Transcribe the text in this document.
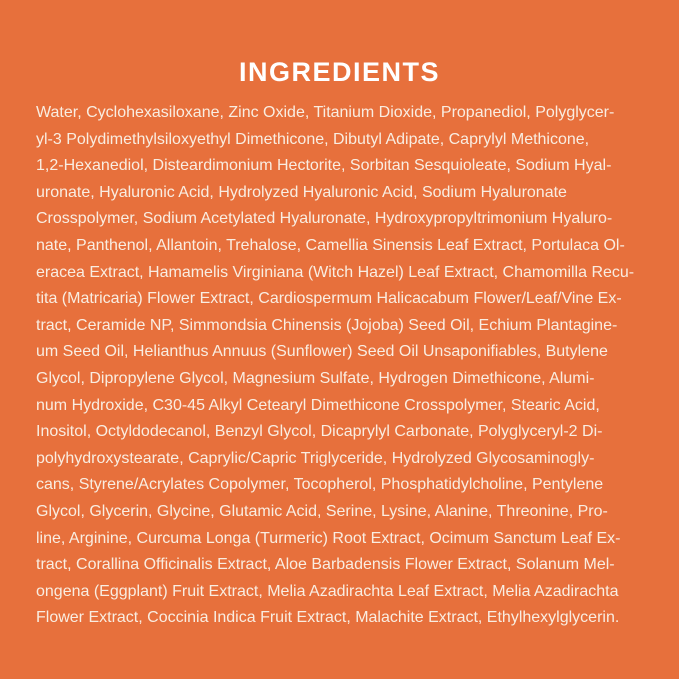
INGREDIENTS
Water, Cyclohexasiloxane, Zinc Oxide, Titanium Dioxide, Propanediol, Polyglycer-
yl-3 Polydimethylsiloxyethyl Dimethicone, Dibutyl Adipate, Caprylyl Methicone,
1,2-Hexanediol, Disteardimonium Hectorite, Sorbitan Sesquioleate, Sodium Hyal-
uronate, Hyaluronic Acid, Hydrolyzed Hyaluronic Acid, Sodium Hyaluronate
Crosspolymer, Sodium Acetylated Hyaluronate, Hydroxypropyltrimonium Hyaluro-
nate, Panthenol, Allantoin, Trehalose, Camellia Sinensis Leaf Extract, Portulaca Ol-
eracea Extract, Hamamelis Virginiana (Witch Hazel) Leaf Extract, Chamomilla Recu-
tita (Matricaria) Flower Extract, Cardiospermum Halicacabum Flower/Leaf/Vine Ex-
tract, Ceramide NP, Simmondsia Chinensis (Jojoba) Seed Oil, Echium Plantagine-
um Seed Oil, Helianthus Annuus (Sunflower) Seed Oil Unsaponifiables, Butylene
Glycol, Dipropylene Glycol, Magnesium Sulfate, Hydrogen Dimethicone, Alumi-
num Hydroxide, C30-45 Alkyl Cetearyl Dimethicone Crosspolymer, Stearic Acid,
Inositol, Octyldodecanol, Benzyl Glycol, Dicaprylyl Carbonate, Polyglyceryl-2 Di-
polyhydroxystearate, Caprylic/Capric Triglyceride, Hydrolyzed Glycosaminogly-
cans, Styrene/Acrylates Copolymer, Tocopherol, Phosphatidylcholine, Pentylene
Glycol, Glycerin, Glycine, Glutamic Acid, Serine, Lysine, Alanine, Threonine, Pro-
line, Arginine, Curcuma Longa (Turmeric) Root Extract, Ocimum Sanctum Leaf Ex-
tract, Corallina Officinalis Extract, Aloe Barbadensis Flower Extract, Solanum Mel-
ongena (Eggplant) Fruit Extract, Melia Azadirachta Leaf Extract, Melia Azadirachta
Flower Extract, Coccinia Indica Fruit Extract, Malachite Extract, Ethylhexylglycerin.
